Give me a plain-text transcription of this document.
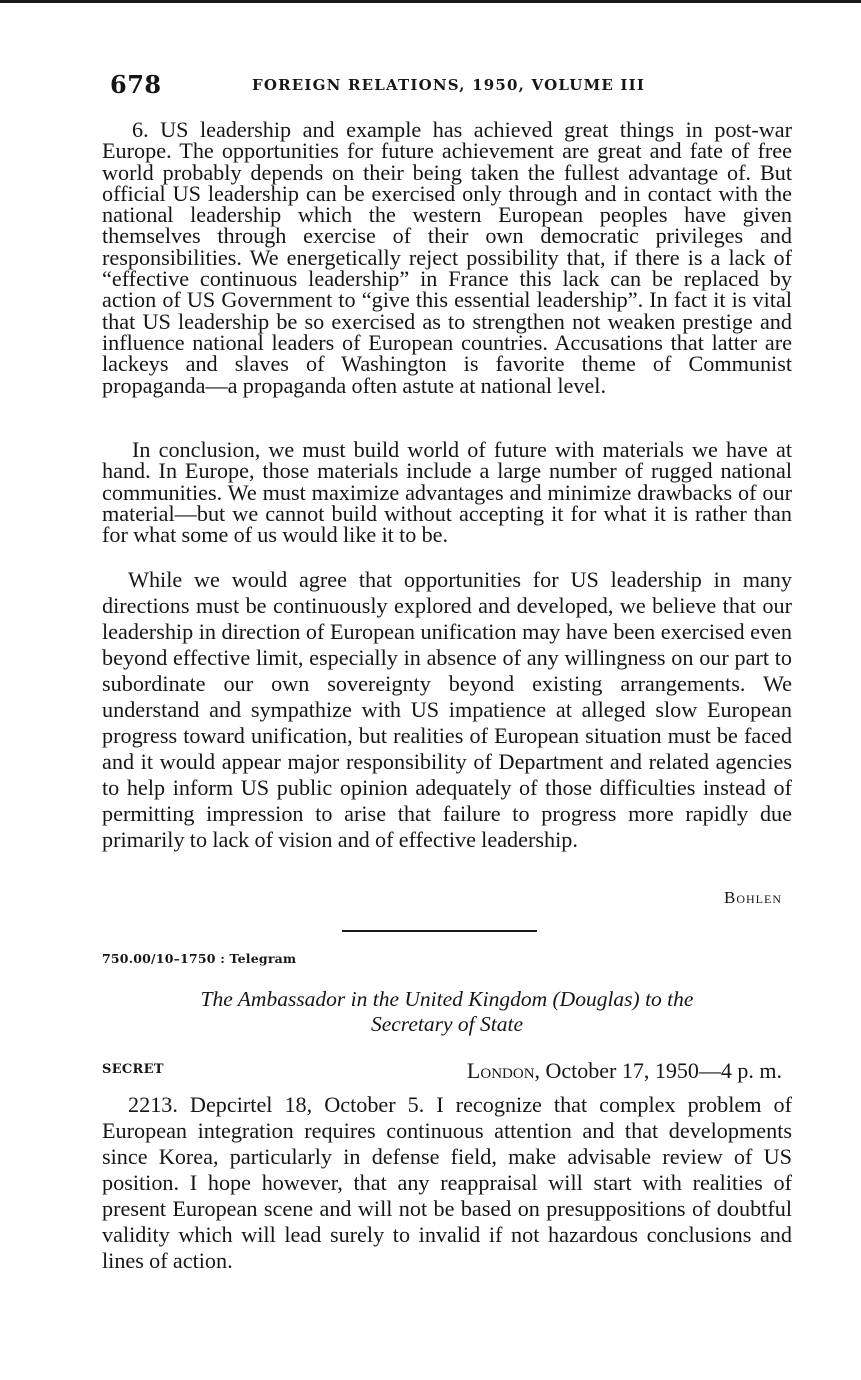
678	FOREIGN RELATIONS, 1950, VOLUME III

6. US leadership and example has achieved great things in post-war Europe. The opportunities for future achievement are great and fate of free world probably depends on their being taken the fullest advantage of. But official US leadership can be exercised only through and in contact with the national leadership which the western European peoples have given themselves through exercise of their own democratic privileges and responsibilities. We energetically reject possibility that, if there is a lack of “effective continuous leadership” in France this lack can be replaced by action of US Government to “give this essential leadership”. In fact it is vital that US leadership be so exercised as to strengthen not weaken prestige and influence national leaders of European countries. Accusations that latter are lackeys and slaves of Washington is favorite theme of Communist propaganda—a propaganda often astute at national level.

In conclusion, we must build world of future with materials we have at hand. In Europe, those materials include a large number of rugged national communities. We must maximize advantages and minimize drawbacks of our material—but we cannot build without accepting it for what it is rather than for what some of us would like it to be.

While we would agree that opportunities for US leadership in many directions must be continuously explored and developed, we believe that our leadership in direction of European unification may have been exercised even beyond effective limit, especially in absence of any willingness on our part to subordinate our own sovereignty beyond existing arrangements. We understand and sympathize with US impatience at alleged slow European progress toward unification, but realities of European situation must be faced and it would appear major responsibility of Department and related agencies to help inform US public opinion adequately of those difficulties instead of permitting impression to arise that failure to progress more rapidly due primarily to lack of vision and of effective leadership.

Bohlen
750.00/10–1750 : Telegram
The Ambassador in the United Kingdom (Douglas) to the
Secretary of State
SECRET	London, October 17, 1950—4 p. m.

2213. Depcirtel 18, October 5. I recognize that complex problem of European integration requires continuous attention and that developments since Korea, particularly in defense field, make advisable review of US position. I hope however, that any reappraisal will start with realities of present European scene and will not be based on presuppositions of doubtful validity which will lead surely to invalid if not hazardous conclusions and lines of action.
